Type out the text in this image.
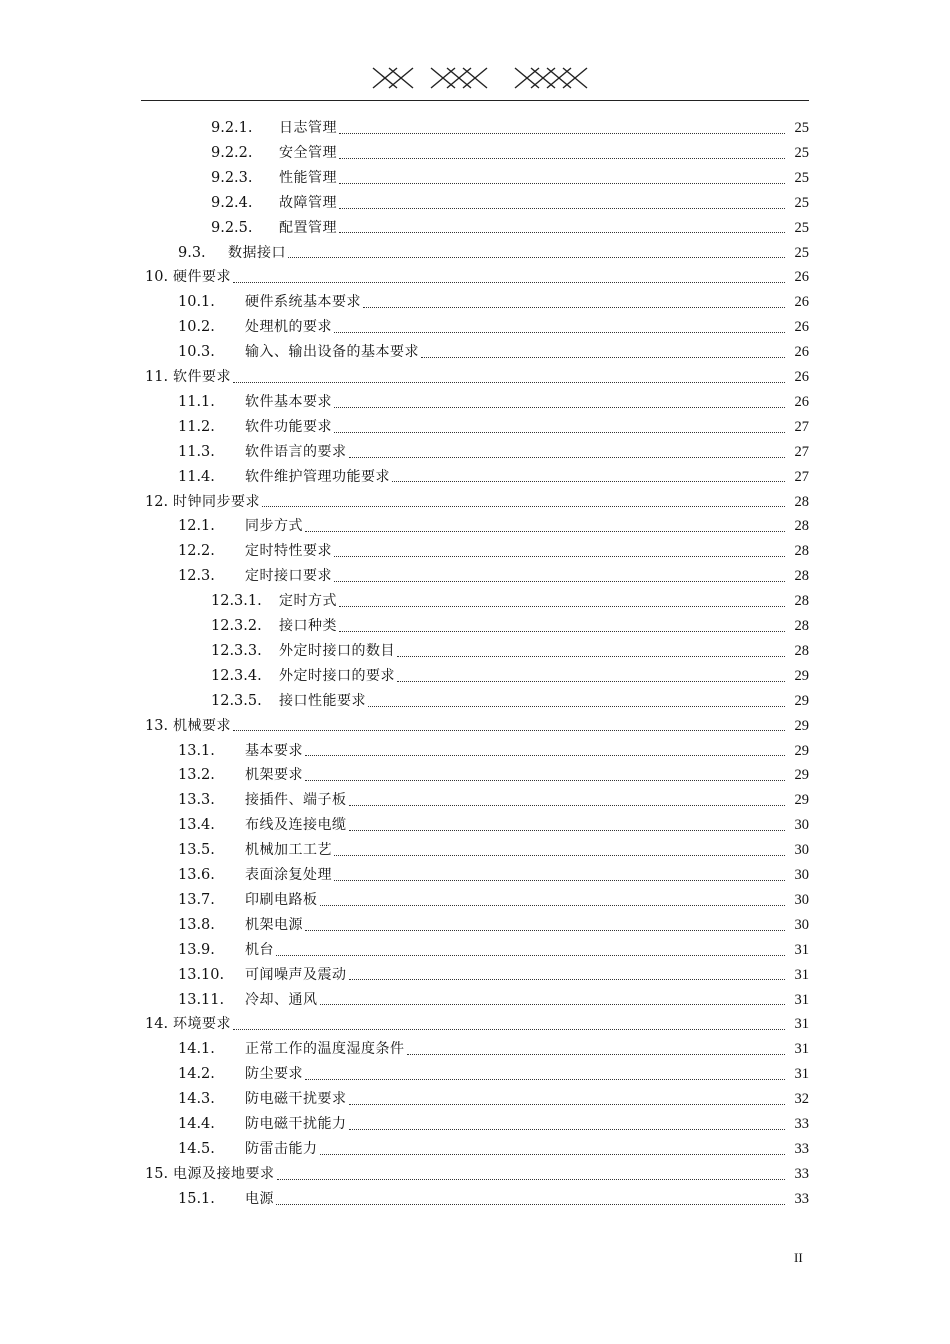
9.2.1.	日志管理	25
9.2.2.	安全管理	25
9.2.3.	性能管理	25
9.2.4.	故障管理	25
9.2.5.	配置管理	25
9.3.	数据接口	25
10. 硬件要求	26
10.1.	硬件系统基本要求	26
10.2.	处理机的要求	26
10.3.	输入、输出设备的基本要求	26
11. 软件要求	26
11.1.	软件基本要求	26
11.2.	软件功能要求	27
11.3.	软件语言的要求	27
11.4.	软件维护管理功能要求	27
12. 时钟同步要求	28
12.1.	同步方式	28
12.2.	定时特性要求	28
12.3.	定时接口要求	28
12.3.1.	定时方式	28
12.3.2.	接口种类	28
12.3.3.	外定时接口的数目	28
12.3.4.	外定时接口的要求	29
12.3.5.	接口性能要求	29
13. 机械要求	29
13.1.	基本要求	29
13.2.	机架要求	29
13.3.	接插件、端子板	29
13.4.	布线及连接电缆	30
13.5.	机械加工工艺	30
13.6.	表面涂复处理	30
13.7.	印刷电路板	30
13.8.	机架电源	30
13.9.	机台	31
13.10.	可闻噪声及震动	31
13.11.	冷却、通风	31
14. 环境要求	31
14.1.	正常工作的温度湿度条件	31
14.2.	防尘要求	31
14.3.	防电磁干扰要求	32
14.4.	防电磁干扰能力	33
14.5.	防雷击能力	33
15. 电源及接地要求	33
15.1.	电源	33
II
